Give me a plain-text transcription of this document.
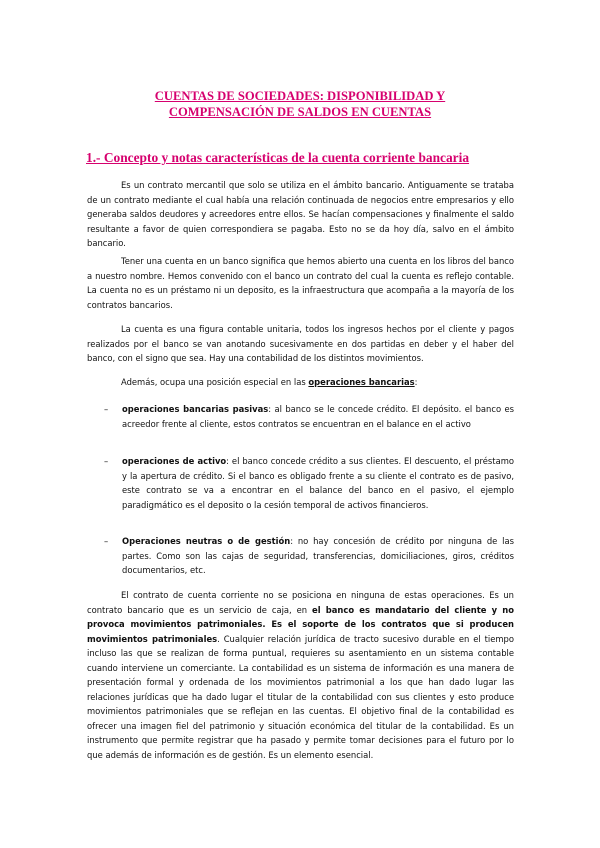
CUENTAS DE SOCIEDADES: DISPONIBILIDAD Y
COMPENSACIÓN DE SALDOS EN CUENTAS
1.- Concepto y notas características de la cuenta corriente bancaria

Es un contrato mercantil que solo se utiliza en el ámbito bancario. Antiguamente se trataba de un contrato mediante el cual había una relación continuada de negocios entre empresarios y ello generaba saldos deudores y acreedores entre ellos. Se hacían compensaciones y finalmente el saldo resultante a favor de quien correspondiera se pagaba. Esto no se da hoy día, salvo en el ámbito bancario.

Tener una cuenta en un banco significa que hemos abierto una cuenta en los libros del banco a nuestro nombre. Hemos convenido con el banco un contrato del cual la cuenta es reflejo contable. La cuenta no es un préstamo ni un deposito, es la infraestructura que acompaña a la mayoría de los contratos bancarios.

La cuenta es una figura contable unitaria, todos los ingresos hechos por el cliente y pagos realizados por el banco se van anotando sucesivamente en dos partidas en deber y el haber del banco, con el signo que sea. Hay una contabilidad de los distintos movimientos.

Además, ocupa una posición especial en las operaciones bancarias:

– operaciones bancarias pasivas: al banco se le concede crédito. El depósito. el banco es acreedor frente al cliente, estos contratos se encuentran en el balance en el activo

– operaciones de activo: el banco concede crédito a sus clientes. El descuento, el préstamo y la apertura de crédito. Si el banco es obligado frente a su cliente el contrato es de pasivo, este contrato se va a encontrar en el balance del banco en el pasivo, el ejemplo paradigmático es el deposito o la cesión temporal de activos financieros.

– Operaciones neutras o de gestión: no hay concesión de crédito por ninguna de las partes. Como son las cajas de seguridad, transferencias, domiciliaciones, giros, créditos documentarios, etc.

El contrato de cuenta corriente no se posiciona en ninguna de estas operaciones. Es un contrato bancario que es un servicio de caja, en el banco es mandatario del cliente y no provoca movimientos patrimoniales. Es el soporte de los contratos que si producen movimientos patrimoniales. Cualquier relación jurídica de tracto sucesivo durable en el tiempo incluso las que se realizan de forma puntual, requieres su asentamiento en un sistema contable cuando interviene un comerciante. La contabilidad es un sistema de información es una manera de presentación formal y ordenada de los movimientos patrimonial a los que han dado lugar las relaciones jurídicas que ha dado lugar el titular de la contabilidad con sus clientes y esto produce movimientos patrimoniales que se reflejan en las cuentas. El objetivo final de la contabilidad es ofrecer una imagen fiel del patrimonio y situación económica del titular de la contabilidad. Es un instrumento que permite registrar que ha pasado y permite tomar decisiones para el futuro por lo que además de información es de gestión. Es un elemento esencial.
